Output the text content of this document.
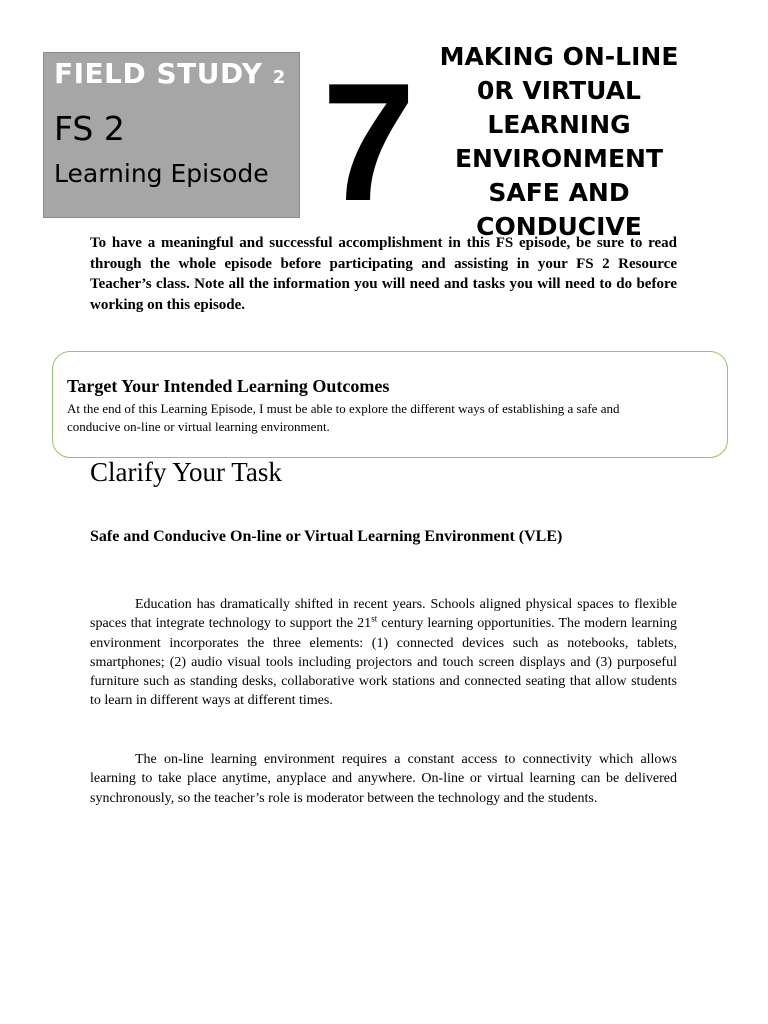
FIELD STUDY 2
FS 2
Learning Episode 7 MAKING ON-LINE
0R VIRTUAL
LEARNING
ENVIRONMENT
SAFE AND
CONDUCIVE
To have a meaningful and successful accomplishment in this FS episode, be sure to read through the whole episode before participating and assisting in your FS 2 Resource Teacher’s class. Note all the information you will need and tasks you will need to do before working on this episode.
Target Your Intended Learning Outcomes
At the end of this Learning Episode, I must be able to explore the different ways of establishing a safe and conducive on-line or virtual learning environment.
Clarify Your Task
Safe and Conducive On-line or Virtual Learning Environment (VLE)
Education has dramatically shifted in recent years. Schools aligned physical spaces to flexible spaces that integrate technology to support the 21st century learning opportunities. The modern learning environment incorporates the three elements: (1) connected devices such as notebooks, tablets, smartphones; (2) audio visual tools including projectors and touch screen displays and (3) purposeful furniture such as standing desks, collaborative work stations and connected seating that allow students to learn in different ways at different times.
The on-line learning environment requires a constant access to connectivity which allows learning to take place anytime, anyplace and anywhere. On-line or virtual learning can be delivered synchronously, so the teacher’s role is moderator between the technology and the students.
